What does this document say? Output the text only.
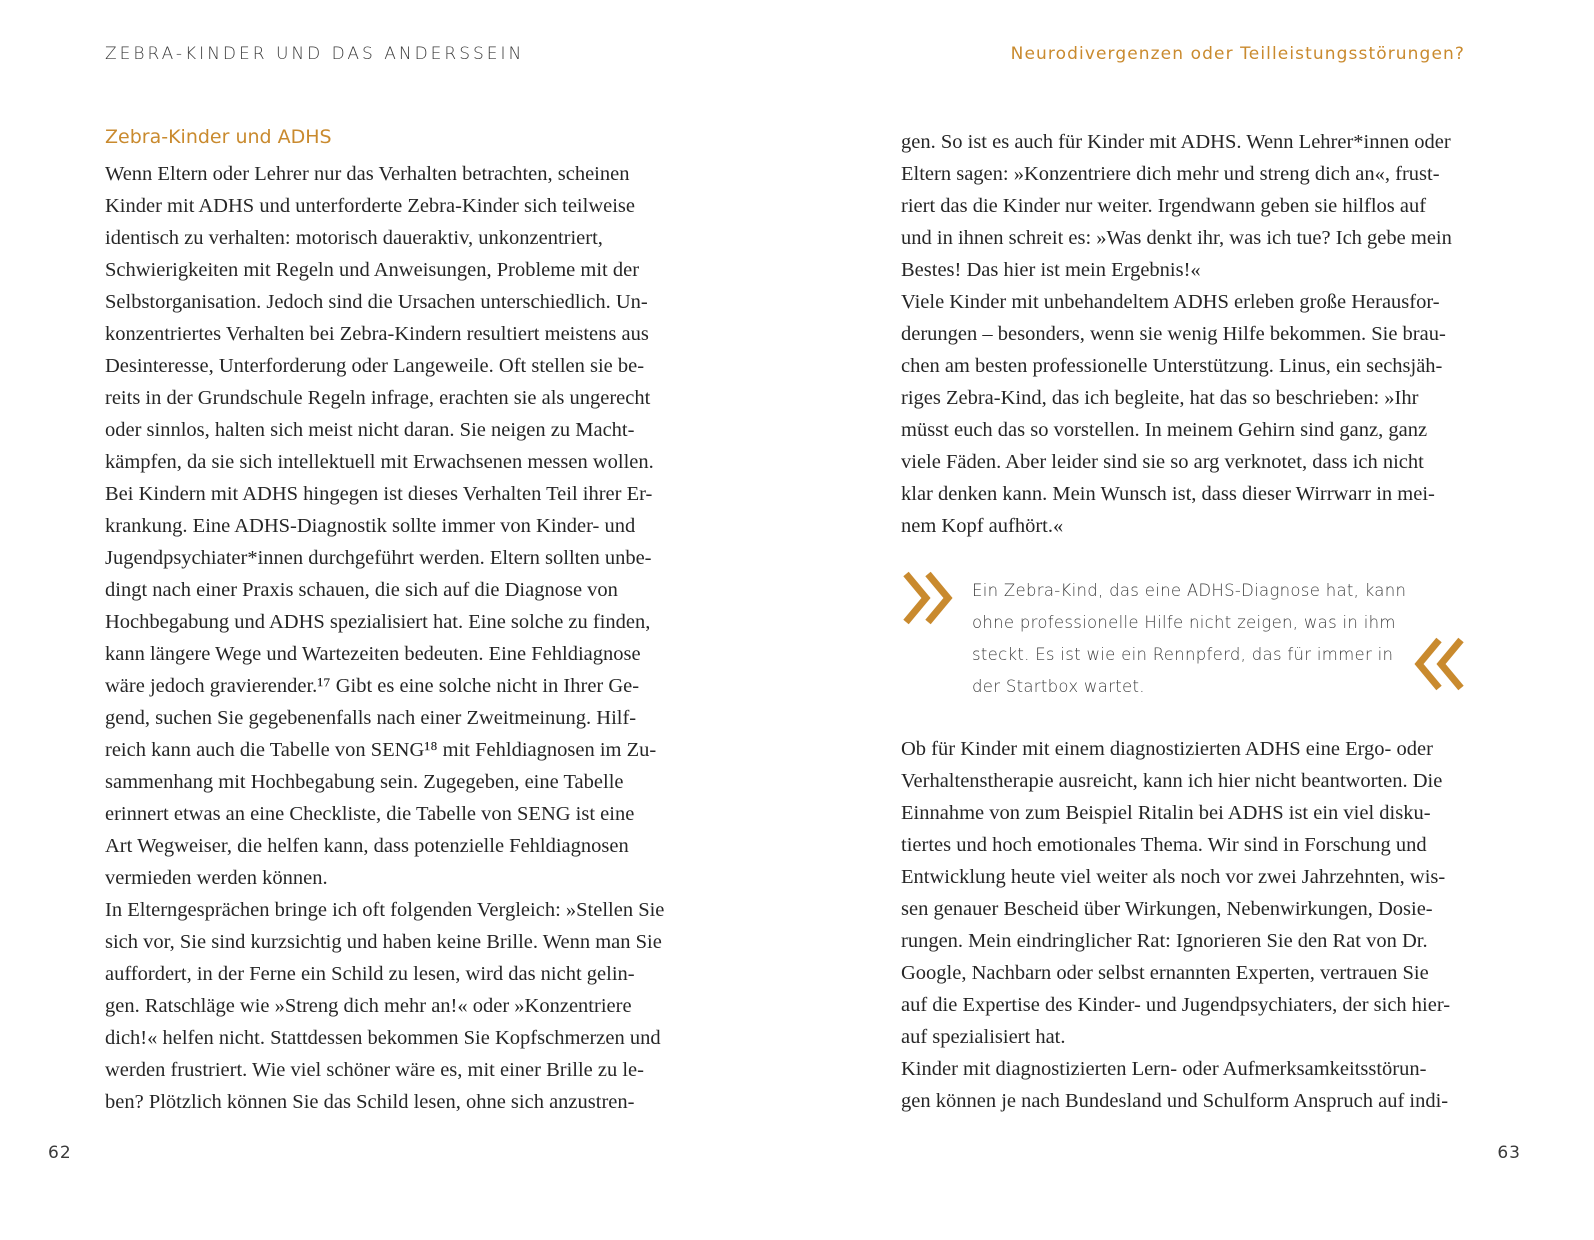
ZEBRA-KINDER UND DAS ANDERSSEIN
Zebra-Kinder und ADHS
Wenn Eltern oder Lehrer nur das Verhalten betrachten, scheinen
Kinder mit ADHS und unterforderte Zebra-Kinder sich teilweise
identisch zu verhalten: motorisch daueraktiv, unkonzentriert,
Schwierigkeiten mit Regeln und Anweisungen, Probleme mit der
Selbstorganisation. Jedoch sind die Ursachen unterschiedlich. Un-
konzentriertes Verhalten bei Zebra-Kindern resultiert meistens aus
Desinteresse, Unterforderung oder Langeweile. Oft stellen sie be-
reits in der Grundschule Regeln infrage, erachten sie als ungerecht
oder sinnlos, halten sich meist nicht daran. Sie neigen zu Macht-
kämpfen, da sie sich intellektuell mit Erwachsenen messen wollen.
Bei Kindern mit ADHS hingegen ist dieses Verhalten Teil ihrer Er-
krankung. Eine ADHS-Diagnostik sollte immer von Kinder- und
Jugendpsychiater*innen durchgeführt werden. Eltern sollten unbe-
dingt nach einer Praxis schauen, die sich auf die Diagnose von
Hochbegabung und ADHS spezialisiert hat. Eine solche zu finden,
kann längere Wege und Wartezeiten bedeuten. Eine Fehldiagnose
wäre jedoch gravierender.¹⁷ Gibt es eine solche nicht in Ihrer Ge-
gend, suchen Sie gegebenenfalls nach einer Zweitmeinung. Hilf-
reich kann auch die Tabelle von SENG¹⁸ mit Fehldiagnosen im Zu-
sammenhang mit Hochbegabung sein. Zugegeben, eine Tabelle
erinnert etwas an eine Checkliste, die Tabelle von SENG ist eine
Art Wegweiser, die helfen kann, dass potenzielle Fehldiagnosen
vermieden werden können.
In Elterngesprächen bringe ich oft folgenden Vergleich: »Stellen Sie
sich vor, Sie sind kurzsichtig und haben keine Brille. Wenn man Sie
auffordert, in der Ferne ein Schild zu lesen, wird das nicht gelin-
gen. Ratschläge wie »Streng dich mehr an!« oder »Konzentriere
dich!« helfen nicht. Stattdessen bekommen Sie Kopfschmerzen und
werden frustriert. Wie viel schöner wäre es, mit einer Brille zu le-
ben? Plötzlich können Sie das Schild lesen, ohne sich anzustren-
62
Neurodivergenzen oder Teilleistungsstörungen?
gen. So ist es auch für Kinder mit ADHS. Wenn Lehrer*innen oder
Eltern sagen: »Konzentriere dich mehr und streng dich an«, frust-
riert das die Kinder nur weiter. Irgendwann geben sie hilflos auf
und in ihnen schreit es: »Was denkt ihr, was ich tue? Ich gebe mein
Bestes! Das hier ist mein Ergebnis!«
Viele Kinder mit unbehandeltem ADHS erleben große Herausfor-
derungen – besonders, wenn sie wenig Hilfe bekommen. Sie brau-
chen am besten professionelle Unterstützung. Linus, ein sechsjäh-
riges Zebra-Kind, das ich begleite, hat das so beschrieben: »Ihr
müsst euch das so vorstellen. In meinem Gehirn sind ganz, ganz
viele Fäden. Aber leider sind sie so arg verknotet, dass ich nicht
klar denken kann. Mein Wunsch ist, dass dieser Wirrwarr in mei-
nem Kopf aufhört.«
Ein Zebra-Kind, das eine ADHS-Diagnose hat, kann
ohne professionelle Hilfe nicht zeigen, was in ihm
steckt. Es ist wie ein Rennpferd, das für immer in
der Startbox wartet.
Ob für Kinder mit einem diagnostizierten ADHS eine Ergo- oder
Verhaltenstherapie ausreicht, kann ich hier nicht beantworten. Die
Einnahme von zum Beispiel Ritalin bei ADHS ist ein viel disku-
tiertes und hoch emotionales Thema. Wir sind in Forschung und
Entwicklung heute viel weiter als noch vor zwei Jahrzehnten, wis-
sen genauer Bescheid über Wirkungen, Nebenwirkungen, Dosie-
rungen. Mein eindringlicher Rat: Ignorieren Sie den Rat von Dr.
Google, Nachbarn oder selbst ernannten Experten, vertrauen Sie
auf die Expertise des Kinder- und Jugendpsychiaters, der sich hier-
auf spezialisiert hat.
Kinder mit diagnostizierten Lern- oder Aufmerksamkeitsstörun-
gen können je nach Bundesland und Schulform Anspruch auf indi-
63
